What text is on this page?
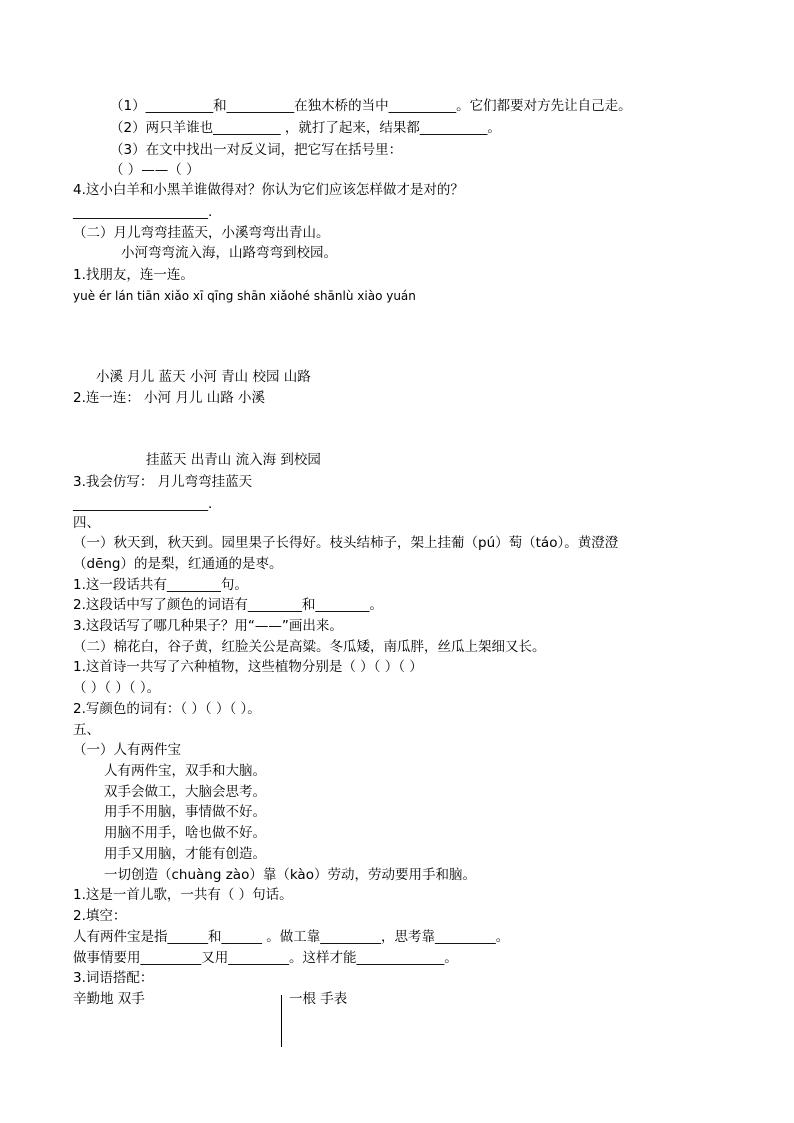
（1）__________和__________在独木桥的当中__________。它们都要对方先让自己走。
（2）两只羊谁也__________ ，就打了起来，结果都__________。
（3）在文中找出一对反义词，把它写在括号里：
（ ）——（ ）
4.这小白羊和小黑羊谁做得对？你认为它们应该怎样做才是对的？
____________________.
（二）月儿弯弯挂蓝天，小溪弯弯出青山。
小河弯弯流入海，山路弯弯到校园。
1.找朋友，连一连。
yuè ér lán tiān xiǎo xī qīng shān xiǎohé shānlù xiào yuán
小溪 月儿 蓝天 小河 青山 校园 山路
2.连一连： 小河 月儿 山路 小溪
挂蓝天 出青山 流入海 到校园
3.我会仿写： 月儿弯弯挂蓝天
____________________.
四、
（一）秋天到，秋天到。园里果子长得好。枝头结柿子，架上挂葡（pú）萄（táo）。黄澄澄
（dēng）的是梨，红通通的是枣。
1.这一段话共有________句。
2.这段话中写了颜色的词语有________和________。
3.这段话写了哪几种果子？用“——”画出来。
（二）棉花白，谷子黄，红脸关公是高粱。冬瓜矮，南瓜胖，丝瓜上架细又长。
1.这首诗一共写了六种植物，这些植物分别是（ ）（ ）（ ）
（ ）（ ）（ ）。
2.写颜色的词有：（ ）（ ）（ ）。
五、
（一）人有两件宝
人有两件宝，双手和大脑。
双手会做工，大脑会思考。
用手不用脑，事情做不好。
用脑不用手，啥也做不好。
用手又用脑，才能有创造。
一切创造（chuàng zào）靠（kào）劳动，劳动要用手和脑。
1.这是一首儿歌，一共有（ ）句话。
2.填空：
人有两件宝是指______和______ 。做工靠_________，思考靠_________。
做事情要用_________又用_________。这样才能_____________。
3.词语搭配：
辛勤地 双手	一根 手表
